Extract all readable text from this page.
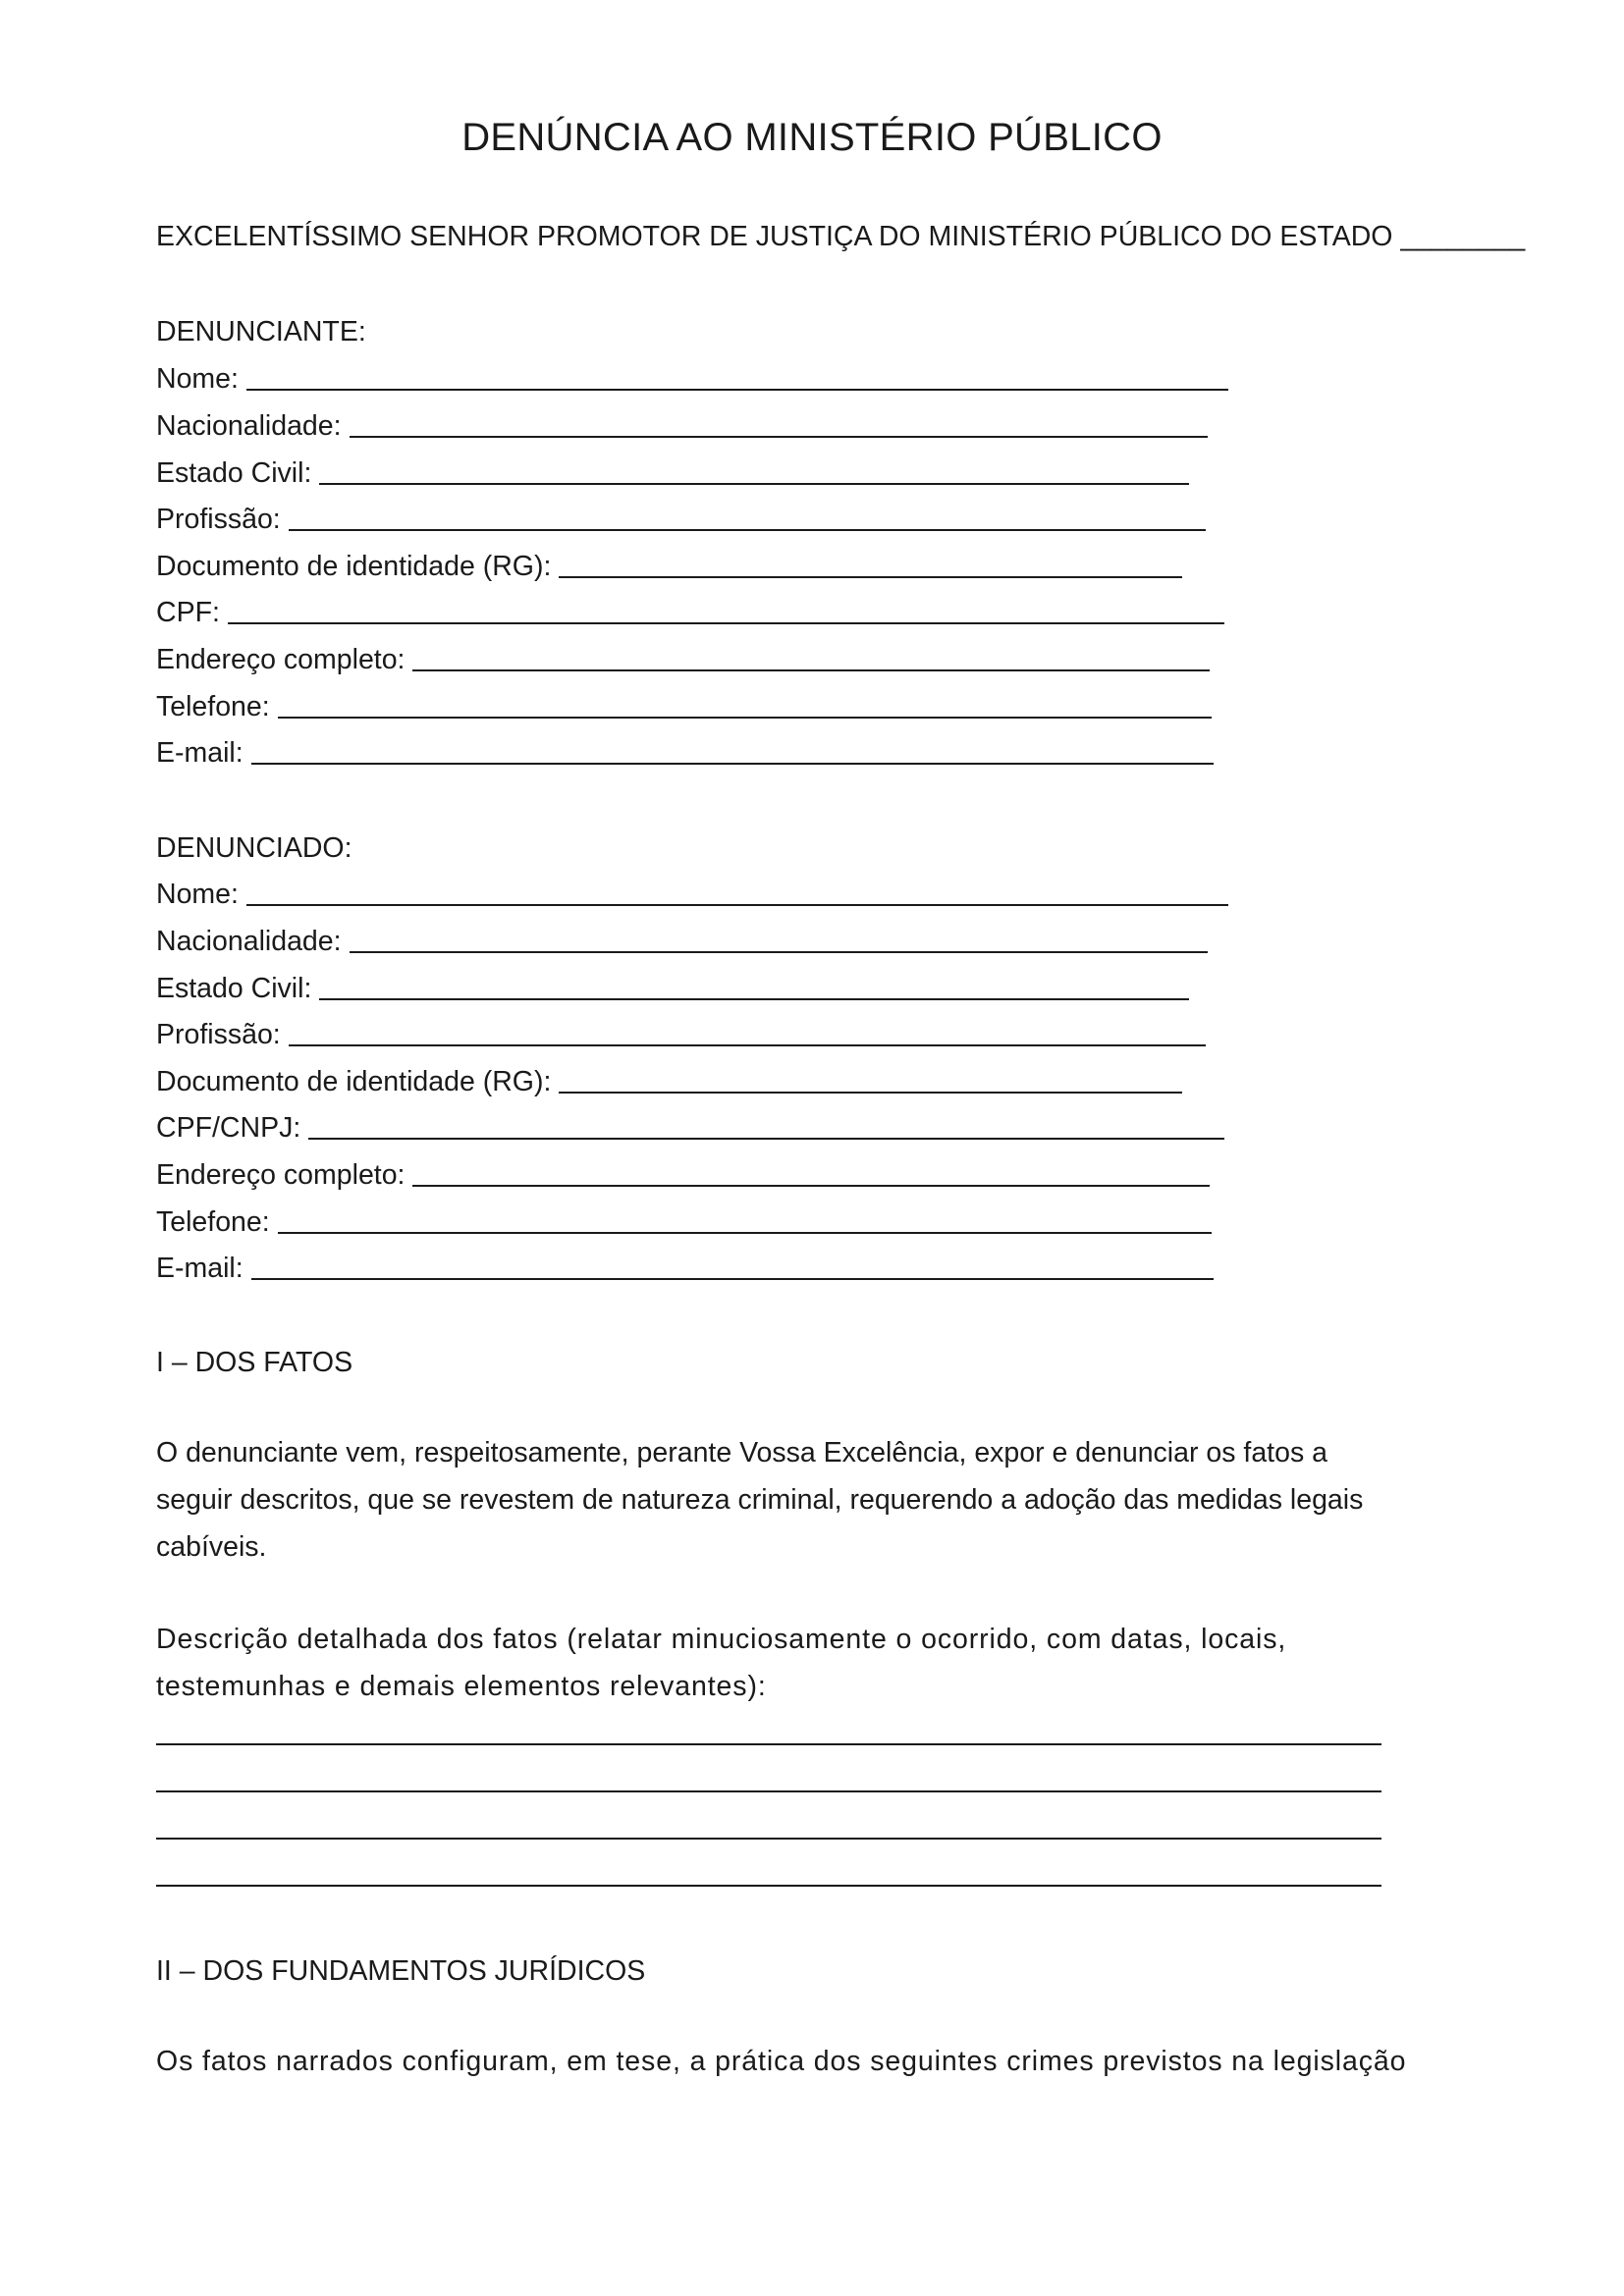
DENÚNCIA AO MINISTÉRIO PÚBLICO
EXCELENTÍSSIMO SENHOR PROMOTOR DE JUSTIÇA DO MINISTÉRIO PÚBLICO DO ESTADO ________
DENUNCIANTE:
Nome:
Nacionalidade:
Estado Civil:
Profissão:
Documento de identidade (RG):
CPF:
Endereço completo:
Telefone:
E-mail:
DENUNCIADO:
Nome:
Nacionalidade:
Estado Civil:
Profissão:
Documento de identidade (RG):
CPF/CNPJ:
Endereço completo:
Telefone:
E-mail:
I – DOS FATOS

O denunciante vem, respeitosamente, perante Vossa Excelência, expor e denunciar os fatos a seguir descritos, que se revestem de natureza criminal, requerendo a adoção das medidas legais cabíveis.

Descrição detalhada dos fatos (relatar minuciosamente o ocorrido, com datas, locais, testemunhas e demais elementos relevantes):

II – DOS FUNDAMENTOS JURÍDICOS

Os fatos narrados configuram, em tese, a prática dos seguintes crimes previstos na legislação
